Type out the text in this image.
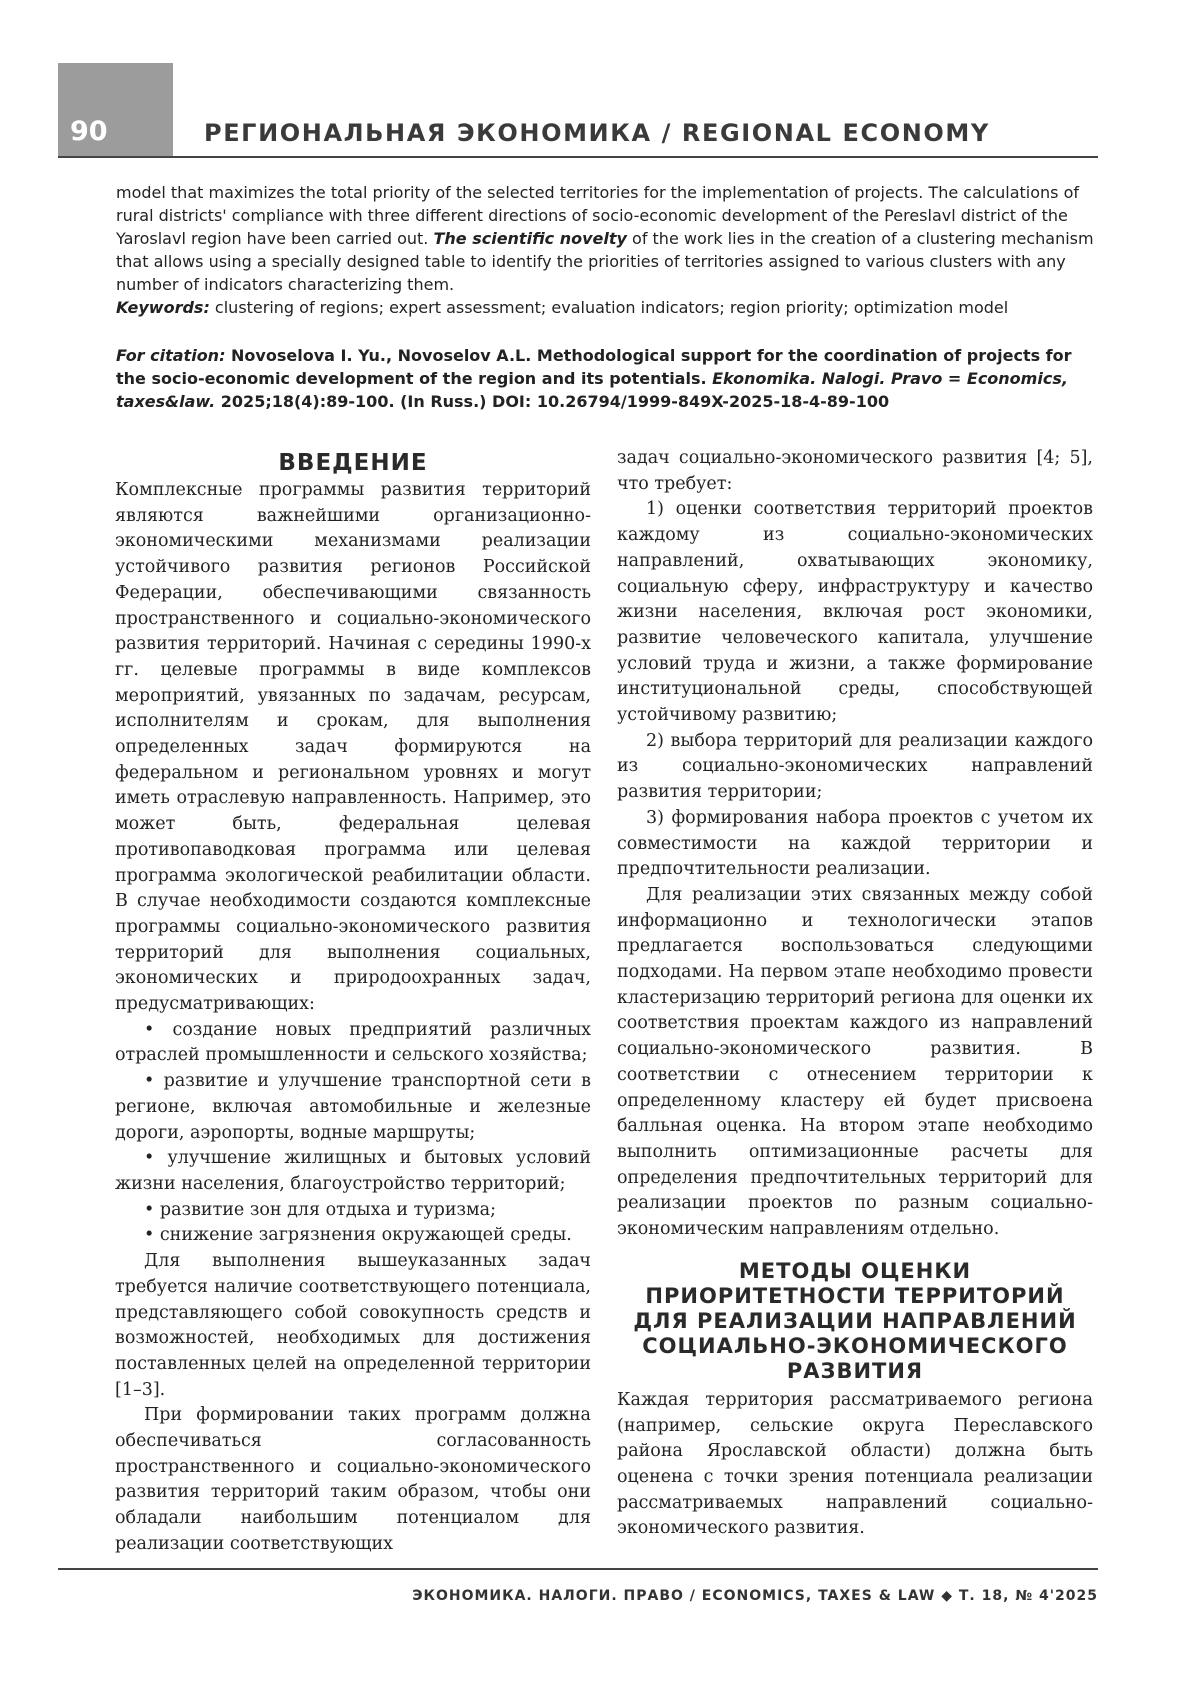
90	РЕГИОНАЛЬНАЯ ЭКОНОМИКА / REGIONAL ECONOMY

model that maximizes the total priority of the selected territories for the implementation of projects. The calculations of rural districts' compliance with three different directions of socio-economic development of the Pereslavl district of the Yaroslavl region have been carried out. The scientific novelty of the work lies in the creation of a clustering mechanism that allows using a specially designed table to identify the priorities of territories assigned to various clusters with any number of indicators characterizing them.

Keywords: clustering of regions; expert assessment; evaluation indicators; region priority; optimization model

For citation: Novoselova I. Yu., Novoselov A.L. Methodological support for the coordination of projects for the socio-economic development of the region and its potentials. Ekonomika. Nalogi. Pravo = Economics, taxes&law. 2025;18(4):89-100. (In Russ.) DOI: 10.26794/1999-849X-2025-18-4-89-100
ВВЕДЕНИЕ

Комплексные программы развития территорий являются важнейшими организационно-экономическими механизмами реализации устойчивого развития регионов Российской Федерации, обеспечивающими связанность пространственного и социально-экономического развития территорий. Начиная с середины 1990-х гг. целевые программы в виде комплексов мероприятий, увязанных по задачам, ресурсам, исполнителям и срокам, для выполнения определенных задач формируются на федеральном и региональном уровнях и могут иметь отраслевую направленность. Например, это может быть, федеральная целевая противопаводковая программа или целевая программа экологической реабилитации области. В случае необходимости создаются комплексные программы социально-экономического развития территорий для выполнения социальных, экономических и природоохранных задач, предусматривающих:

• создание новых предприятий различных отраслей промышленности и сельского хозяйства;

• развитие и улучшение транспортной сети в регионе, включая автомобильные и железные дороги, аэропорты, водные маршруты;

• улучшение жилищных и бытовых условий жизни населения, благоустройство территорий;

• развитие зон для отдыха и туризма;

• снижение загрязнения окружающей среды.

Для выполнения вышеуказанных задач требуется наличие соответствующего потенциала, представляющего собой совокупность средств и возможностей, необходимых для достижения поставленных целей на определенной территории [1–3].

При формировании таких программ должна обеспечиваться согласованность пространственного и социально-экономического развития территорий таким образом, чтобы они обладали наибольшим потенциалом для реализации соответствующих

задач социально-экономического развития [4; 5], что требует:

1) оценки соответствия территорий проектов каждому из социально-экономических направлений, охватывающих экономику, социальную сферу, инфраструктуру и качество жизни населения, включая рост экономики, развитие человеческого капитала, улучшение условий труда и жизни, а также формирование институциональной среды, способствующей устойчивому развитию;

2) выбора территорий для реализации каждого из социально-экономических направлений развития территории;

3) формирования набора проектов с учетом их совместимости на каждой территории и предпочтительности реализации.

Для реализации этих связанных между собой информационно и технологически этапов предлагается воспользоваться следующими подходами. На первом этапе необходимо провести кластеризацию территорий региона для оценки их соответствия проектам каждого из направлений социально-экономического развития. В соответствии с отнесением территории к определенному кластеру ей будет присвоена балльная оценка. На втором этапе необходимо выполнить оптимизационные расчеты для определения предпочтительных территорий для реализации проектов по разным социально-экономическим направлениям отдельно.

МЕТОДЫ ОЦЕНКИ ПРИОРИТЕТНОСТИ ТЕРРИТОРИЙ ДЛЯ РЕАЛИЗАЦИИ НАПРАВЛЕНИЙ СОЦИАЛЬНО-ЭКОНОМИЧЕСКОГО РАЗВИТИЯ

Каждая территория рассматриваемого региона (например, сельские округа Переславского района Ярославской области) должна быть оценена с точки зрения потенциала реализации рассматриваемых направлений социально-экономического развития.

ЭКОНОМИКА. НАЛОГИ. ПРАВО / ECONOMICS, TAXES & LAW ◆ Т. 18, № 4'2025
